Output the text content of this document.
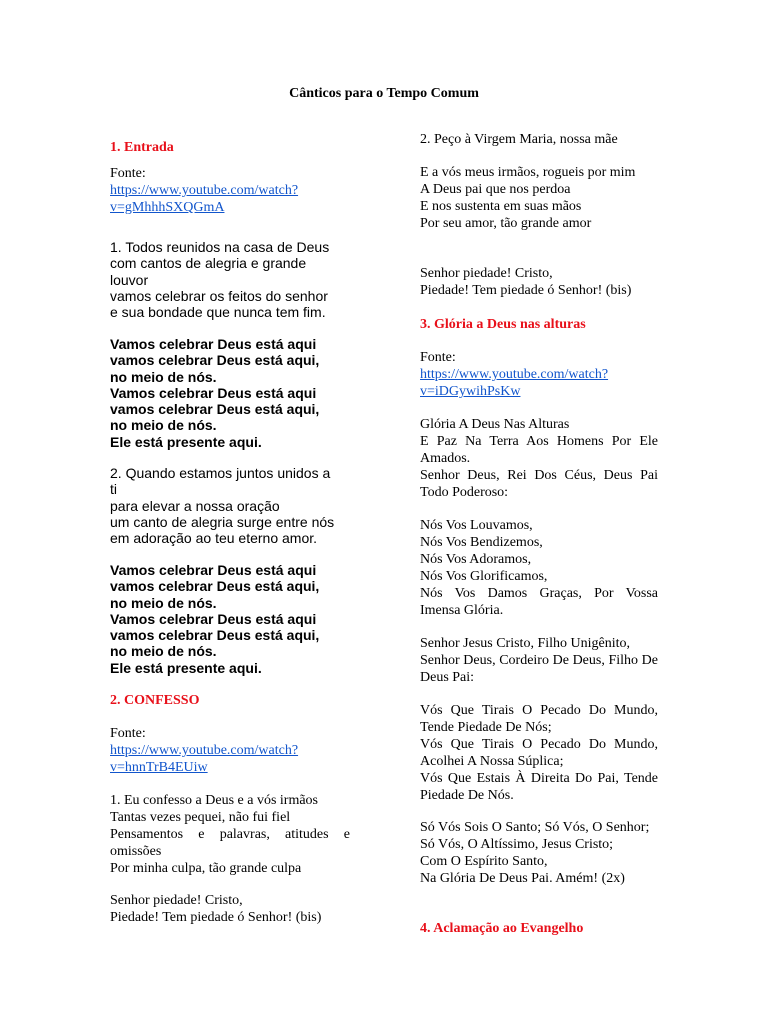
Cânticos para o Tempo Comum
1. Entrada
Fonte:
https://www.youtube.com/watch?
v=gMhhhSXQGmA
1. Todos reunidos na casa de Deus
com cantos de alegria e grande
louvor
vamos celebrar os feitos do senhor
e sua bondade que nunca tem fim.
Vamos celebrar Deus está aqui
vamos celebrar Deus está aqui,
no meio de nós.
Vamos celebrar Deus está aqui
vamos celebrar Deus está aqui,
no meio de nós.
Ele está presente aqui.
2. Quando estamos juntos unidos a
ti
para elevar a nossa oração
um canto de alegria surge entre nós
em adoração ao teu eterno amor.
Vamos celebrar Deus está aqui
vamos celebrar Deus está aqui,
no meio de nós.
Vamos celebrar Deus está aqui
vamos celebrar Deus está aqui,
no meio de nós.
Ele está presente aqui.
2. CONFESSO
Fonte:
https://www.youtube.com/watch?
v=hnnTrB4EUiw
1. Eu confesso a Deus e a vós irmãos
Tantas vezes pequei, não fui fiel
Pensamentos e palavras, atitudes e omissões
Por minha culpa, tão grande culpa
Senhor piedade! Cristo,
Piedade! Tem piedade ó Senhor! (bis)
2. Peço à Virgem Maria, nossa mãe
E a vós meus irmãos, rogueis por mim
A Deus pai que nos perdoa
E nos sustenta em suas mãos
Por seu amor, tão grande amor
Senhor piedade! Cristo,
Piedade! Tem piedade ó Senhor! (bis)
3. Glória a Deus nas alturas
Fonte:
https://www.youtube.com/watch?
v=iDGywihPsKw
Glória A Deus Nas Alturas
E Paz Na Terra Aos Homens Por Ele Amados.
Senhor Deus, Rei Dos Céus, Deus Pai Todo Poderoso:
Nós Vos Louvamos,
Nós Vos Bendizemos,
Nós Vos Adoramos,
Nós Vos Glorificamos,
Nós Vos Damos Graças, Por Vossa Imensa Glória.
Senhor Jesus Cristo, Filho Unigênito,
Senhor Deus, Cordeiro De Deus, Filho De Deus Pai:
Vós Que Tirais O Pecado Do Mundo, Tende Piedade De Nós;
Vós Que Tirais O Pecado Do Mundo, Acolhei A Nossa Súplica;
Vós Que Estais À Direita Do Pai, Tende Piedade De Nós.
Só Vós Sois O Santo; Só Vós, O Senhor;
Só Vós, O Altíssimo, Jesus Cristo;
Com O Espírito Santo,
Na Glória De Deus Pai. Amém! (2x)
4. Aclamação ao Evangelho
